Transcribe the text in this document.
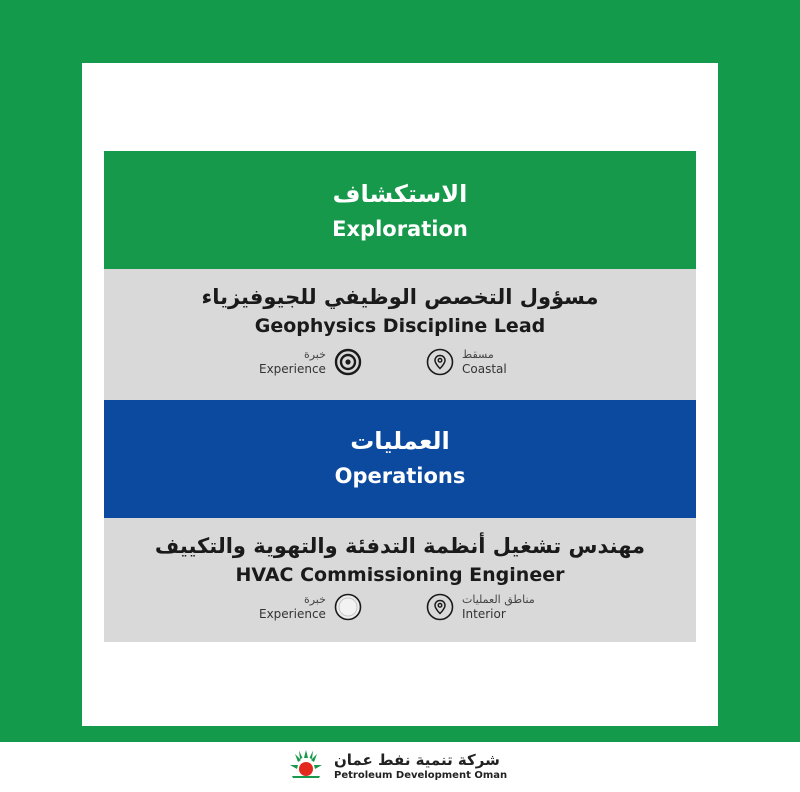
الاستكشاف
Exploration
مسؤول التخصص الوظيفي للجيوفيزياء
Geophysics Discipline Lead
خبرة
Experience
مسقط
Coastal
العمليات
Operations
مهندس تشغيل أنظمة التدفئة والتهوية والتكييف
HVAC Commissioning Engineer
خبرة
Experience
مناطق العمليات
Interior
شركة تنمية نفط عمان
Petroleum Development Oman
